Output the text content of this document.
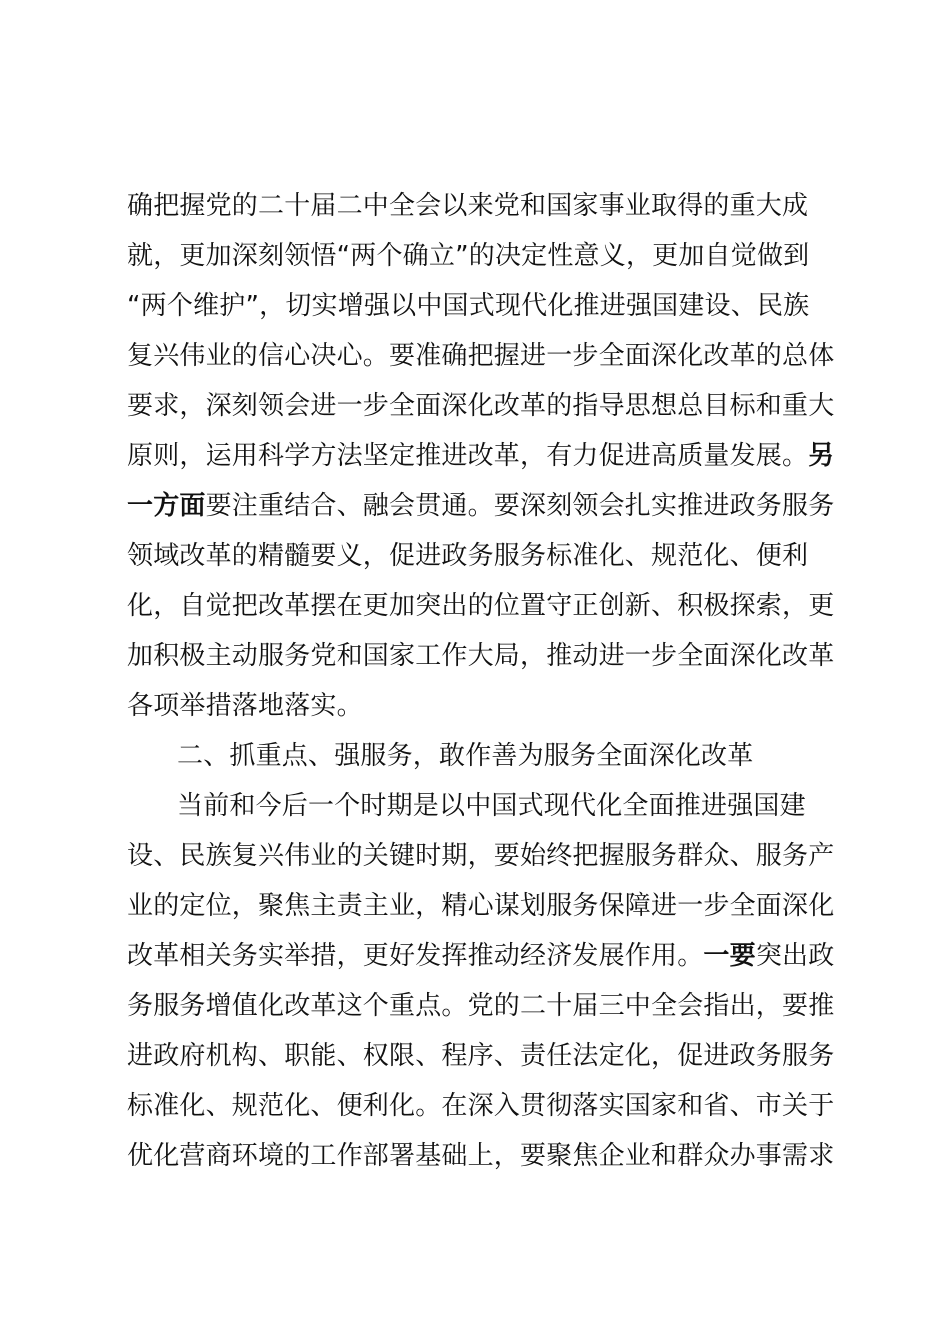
确把握党的二十届二中全会以来党和国家事业取得的重大成
就，更加深刻领悟“两个确立”的决定性意义，更加自觉做到
“两个维护”，切实增强以中国式现代化推进强国建设、民族
复兴伟业的信心决心。要准确把握进一步全面深化改革的总体
要求，深刻领会进一步全面深化改革的指导思想总目标和重大
原则，运用科学方法坚定推进改革，有力促进高质量发展。另
一方面要注重结合、融会贯通。要深刻领会扎实推进政务服务
领域改革的精髓要义，促进政务服务标准化、规范化、便利
化，自觉把改革摆在更加突出的位置守正创新、积极探索，更
加积极主动服务党和国家工作大局，推动进一步全面深化改革
各项举措落地落实。
二、抓重点、强服务，敢作善为服务全面深化改革
当前和今后一个时期是以中国式现代化全面推进强国建
设、民族复兴伟业的关键时期，要始终把握服务群众、服务产
业的定位，聚焦主责主业，精心谋划服务保障进一步全面深化
改革相关务实举措，更好发挥推动经济发展作用。一要突出政
务服务增值化改革这个重点。党的二十届三中全会指出，要推
进政府机构、职能、权限、程序、责任法定化，促进政务服务
标准化、规范化、便利化。在深入贯彻落实国家和省、市关于
优化营商环境的工作部署基础上，要聚焦企业和群众办事需求
